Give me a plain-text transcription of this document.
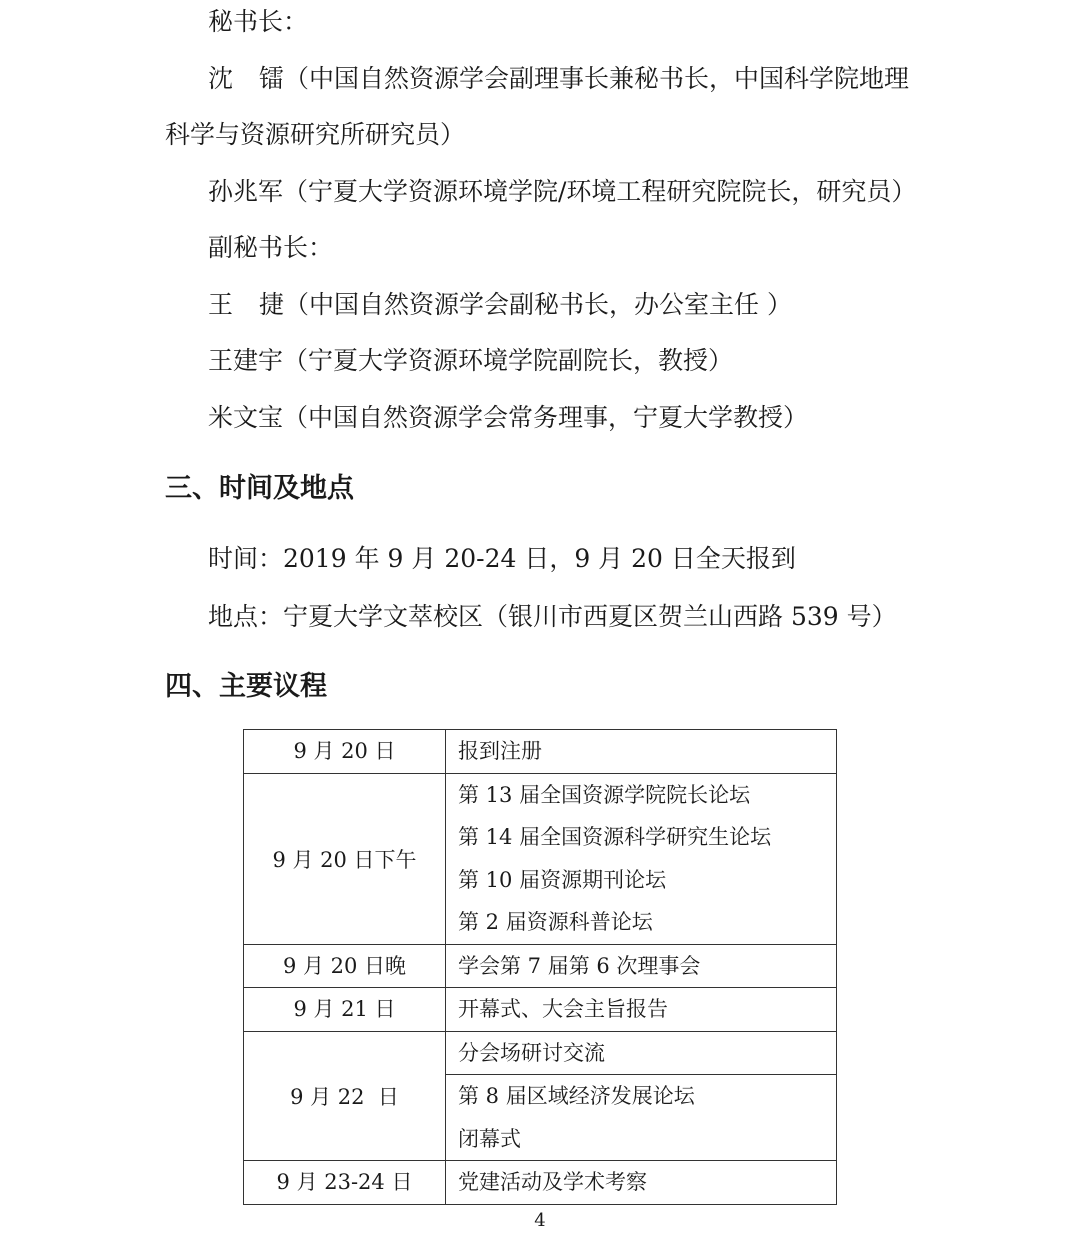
秘书长：
沈 镭（中国自然资源学会副理事长兼秘书长，中国科学院地理
科学与资源研究所研究员）
孙兆军（宁夏大学资源环境学院/环境工程研究院院长，研究员）
副秘书长：
王 捷（中国自然资源学会副秘书长，办公室主任 ）
王建宇（宁夏大学资源环境学院副院长，教授）
米文宝（中国自然资源学会常务理事，宁夏大学教授）
三、时间及地点
时间：2019 年 9 月 20-24 日，9 月 20 日全天报到
地点：宁夏大学文萃校区（银川市西夏区贺兰山西路 539 号）
四、主要议程
9 月 20 日	报到注册

9 月 20 日下午	第 13 届全国资源学院院长论坛
第 14 届全国资源科学研究生论坛
第 10 届资源期刊论坛
第 2 届资源科普论坛

9 月 20 日晚	学会第 7 届第 6 次理事会

9 月 21 日	开幕式、大会主旨报告

9 月 22  日	分会场研讨交流

	第 8 届区域经济发展论坛
闭幕式

9 月 23-24 日	党建活动及学术考察
4
